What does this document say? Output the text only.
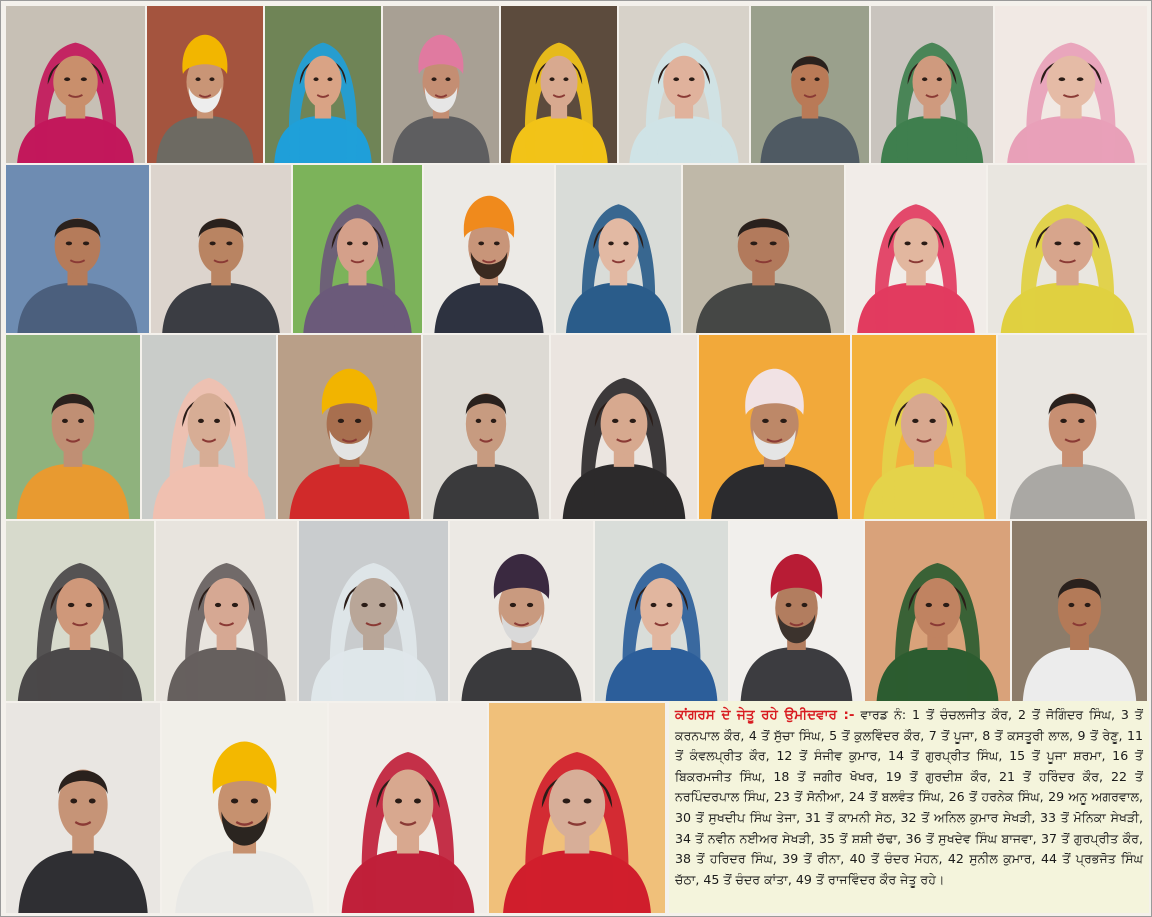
ਕਾਂਗਰਸ ਦੇ ਜੇਤੂ ਰਹੇ ਉਮੀਦਵਾਰ :- ਵਾਰਡ ਨੰ: 1 ਤੋਂ ਚੰਚਲਜੀਤ ਕੌਰ, 2 ਤੋਂ ਜੋਗਿੰਦਰ ਸਿੰਘ, 3 ਤੋਂ ਕਰਨਪਾਲ ਕੌਰ, 4 ਤੋਂ ਸੁੱਚਾ ਸਿੰਘ, 5 ਤੋਂ ਕੁਲਵਿੰਦਰ ਕੌਰ, 7 ਤੋਂ ਪੂਜਾ, 8 ਤੋਂ ਕਸਤੂਰੀ ਲਾਲ, 9 ਤੋਂ ਰੇਣੂ, 11 ਤੋਂ ਕੰਵਲਪ੍ਰੀਤ ਕੌਰ, 12 ਤੋਂ ਸੰਜੀਵ ਕੁਮਾਰ, 14 ਤੋਂ ਗੁਰਪ੍ਰੀਤ ਸਿੰਘ, 15 ਤੋਂ ਪੂਜਾ ਸ਼ਰਮਾ, 16 ਤੋਂ ਬਿਕਰਮਜੀਤ ਸਿੰਘ, 18 ਤੋਂ ਜਗੀਰ ਖੋਖਰ, 19 ਤੋਂ ਗੁਰਦੀਸ਼ ਕੌਰ, 21 ਤੋਂ ਹਰਿੰਦਰ ਕੌਰ, 22 ਤੋਂ ਨਰਪਿੰਦਰਪਾਲ ਸਿੰਘ, 23 ਤੋਂ ਸੋਨੀਆ, 24 ਤੋਂ ਬਲਵੰਤ ਸਿੰਘ, 26 ਤੋਂ ਹਰਨੇਕ ਸਿੰਘ, 29 ਅਨੂ ਅਗਰਵਾਲ, 30 ਤੋਂ ਸੁਖਦੀਪ ਸਿੰਘ ਤੇਜਾ, 31 ਤੋਂ ਕਾਮਨੀ ਸੇਠ, 32 ਤੋਂ ਅਨਿਲ ਕੁਮਾਰ ਸੇਖੜੀ, 33 ਤੋਂ ਮੋਨਿਕਾ ਸੇਖੜੀ, 34 ਤੋਂ ਨਵੀਨ ਨਈਅਰ ਸੇਖੜੀ, 35 ਤੋਂ ਸ਼ਸ਼ੀ ਚੱਢਾ, 36 ਤੋਂ ਸੁਖਦੇਵ ਸਿੰਘ ਬਾਜਵਾ, 37 ਤੋਂ ਗੁਰਪ੍ਰੀਤ ਕੌਰ, 38 ਤੋਂ ਹਰਿਦਰ ਸਿੰਘ, 39 ਤੋਂ ਰੀਨਾ, 40 ਤੋਂ ਚੰਦਰ ਮੋਹਨ, 42 ਸੁਨੀਲ ਕੁਮਾਰ, 44 ਤੋਂ ਪ੍ਰਭਜੋਤ ਸਿੰਘ ਚੱਠਾ, 45 ਤੋਂ ਚੰਦਰ ਕਾਂਤਾ, 49 ਤੋਂ ਰਾਜਵਿੰਦਰ ਕੌਰ ਜੇਤੂ ਰਹੇ।
